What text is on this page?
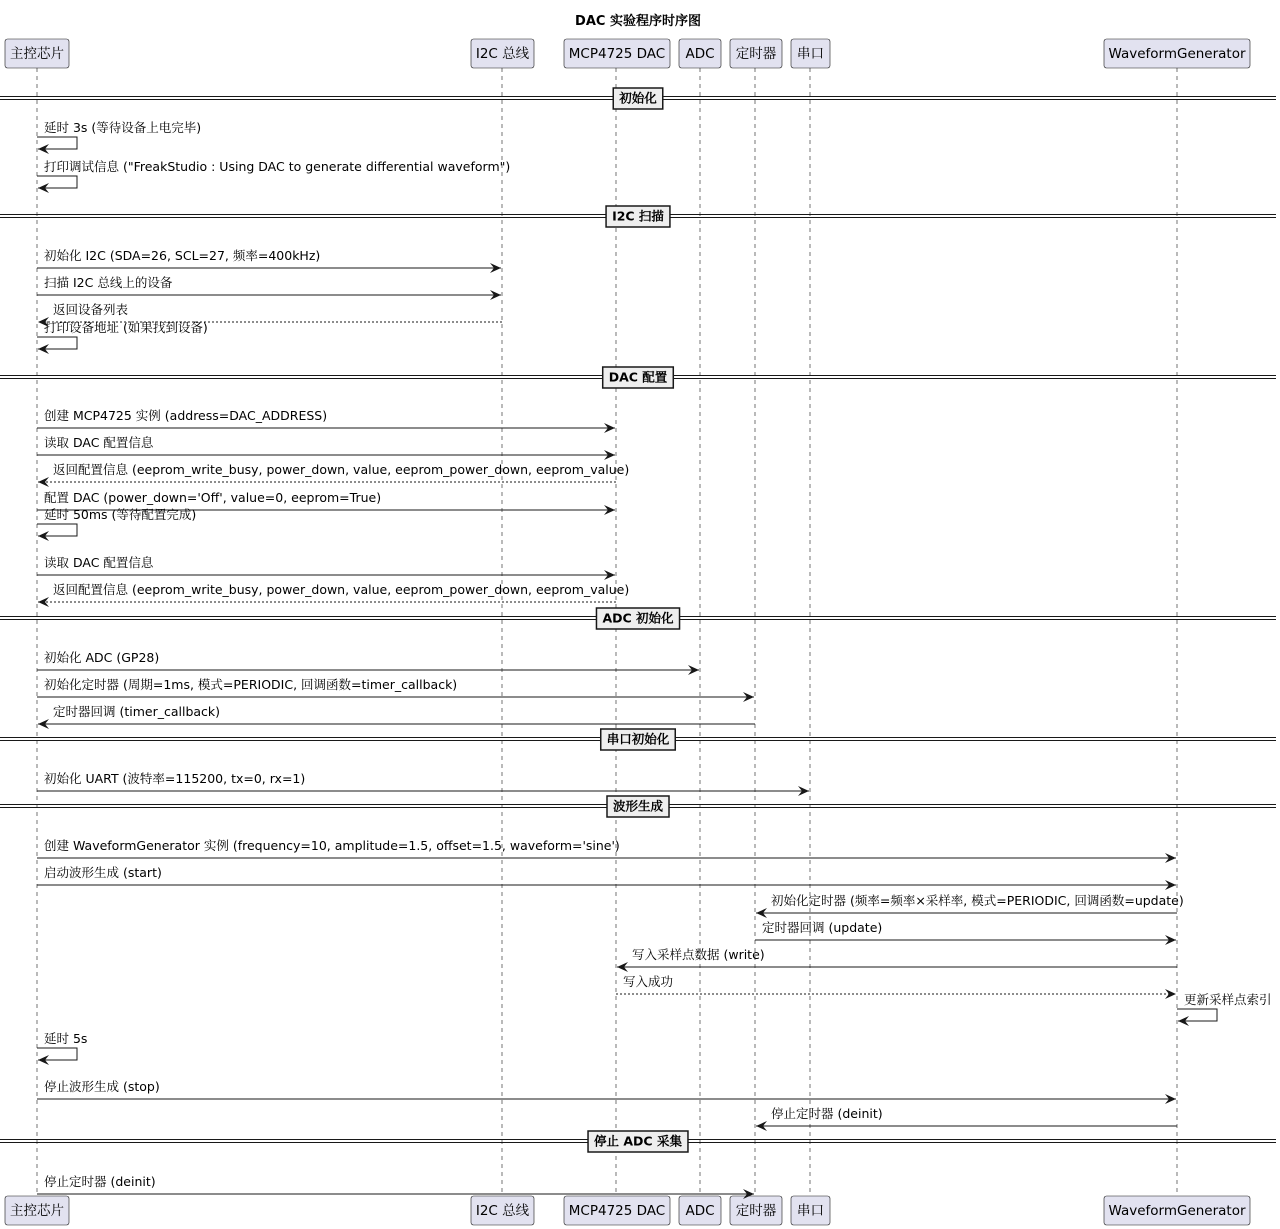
DAC 实验程序时序图
主控芯片	I2C 总线	MCP4725 DAC ADC 定时器 串口	WaveformGenerator
主控芯片	I2C 总线	MCP4725 DAC ADC 定时器 串口	WaveformGenerator
初始化
延时 3s (等待设备上电完毕)
打印调试信息 ("FreakStudio : Using DAC to generate differential waveform")
I2C 扫描
初始化 I2C (SDA=26, SCL=27, 频率=400kHz)
扫描 I2C 总线上的设备
返回设备列表
打印设备地址 (如果找到设备)
DAC 配置
创建 MCP4725 实例 (address=DAC_ADDRESS)
读取 DAC 配置信息
返回配置信息 (eeprom_write_busy, power_down, value, eeprom_power_down, eeprom_value)
配置 DAC (power_down='Off', value=0, eeprom=True)
延时 50ms (等待配置完成)
读取 DAC 配置信息
返回配置信息 (eeprom_write_busy, power_down, value, eeprom_power_down, eeprom_value)
ADC 初始化
初始化 ADC (GP28)
初始化定时器 (周期=1ms, 模式=PERIODIC, 回调函数=timer_callback)
定时器回调 (timer_callback)
串口初始化
初始化 UART (波特率=115200, tx=0, rx=1)
波形生成
创建 WaveformGenerator 实例 (frequency=10, amplitude=1.5, offset=1.5, waveform='sine')
启动波形生成 (start)
初始化定时器 (频率=频率×采样率, 模式=PERIODIC, 回调函数=update)
定时器回调 (update)
写入采样点数据 (write)
写入成功
更新采样点索引
延时 5s
停止波形生成 (stop)
停止定时器 (deinit)
停止 ADC 采集
停止定时器 (deinit)
